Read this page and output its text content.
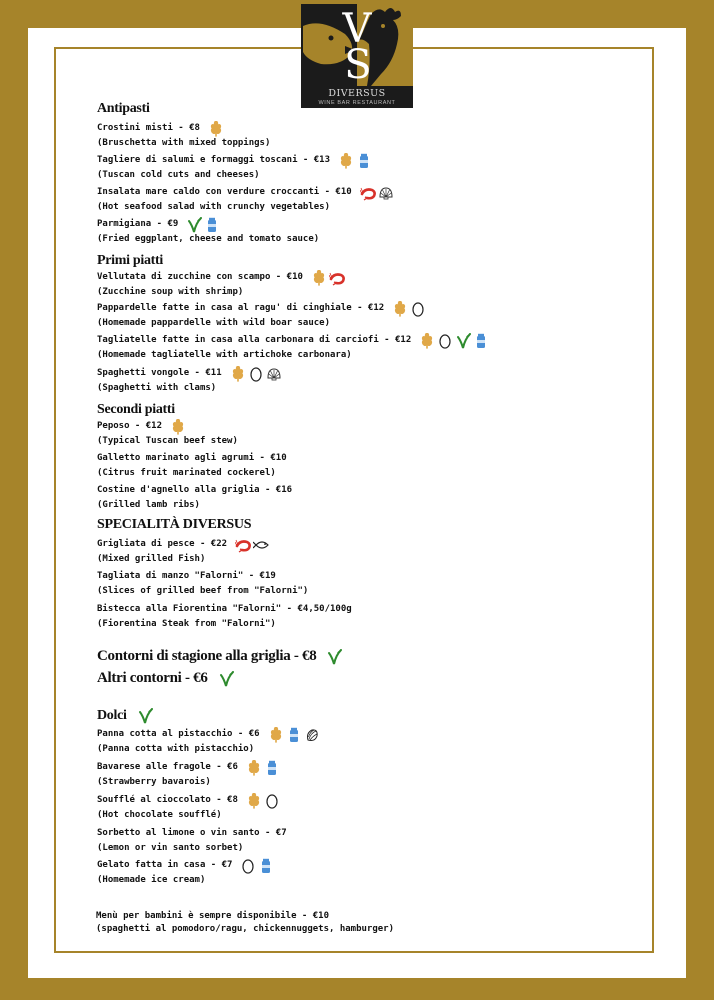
V
S
DIVERSUS
WINE BAR RESTAURANT
Antipasti
Crostini misti - €8
(Bruschetta with mixed toppings)
Tagliere di salumi e formaggi toscani - €13
(Tuscan cold cuts and cheeses)
Insalata mare caldo con verdure croccanti - €10
(Hot seafood salad with crunchy vegetables)
Parmigiana - €9
(Fried eggplant, cheese and tomato sauce)
Primi piatti
Vellutata di zucchine con scampo - €10
(Zucchine soup with shrimp)
Pappardelle fatte in casa al ragu' di cinghiale - €12
(Homemade pappardelle with wild boar sauce)
Tagliatelle fatte in casa alla carbonara di carciofi - €12
(Homemade tagliatelle with artichoke carbonara)
Spaghetti vongole - €11
(Spaghetti with clams)
Secondi piatti
Peposo - €12
(Typical Tuscan beef stew)
Galletto marinato agli agrumi - €10
(Citrus fruit marinated cockerel)
Costine d'agnello alla griglia - €16
(Grilled lamb ribs)
SPECIALITÀ DIVERSUS
Grigliata di pesce - €22
(Mixed grilled Fish)
Tagliata di manzo "Falorni" - €19
(Slices of grilled beef from "Falorni")
Bistecca alla Fiorentina "Falorni" - €4,50/100g
(Fiorentina Steak from "Falorni")
Contorni di stagione alla griglia - €8
Altri contorni - €6
Dolci
Panna cotta al pistacchio - €6
(Panna cotta with pistacchio)
Bavarese alle fragole - €6
(Strawberry bavarois)
Soufflé al cioccolato - €8
(Hot chocolate soufflé)
Sorbetto al limone o vin santo - €7
(Lemon or vin santo sorbet)
Gelato fatta in casa - €7
(Homemade ice cream)
Menù per bambini è sempre disponibile - €10
(spaghetti al pomodoro/ragu, chickennuggets, hamburger)
